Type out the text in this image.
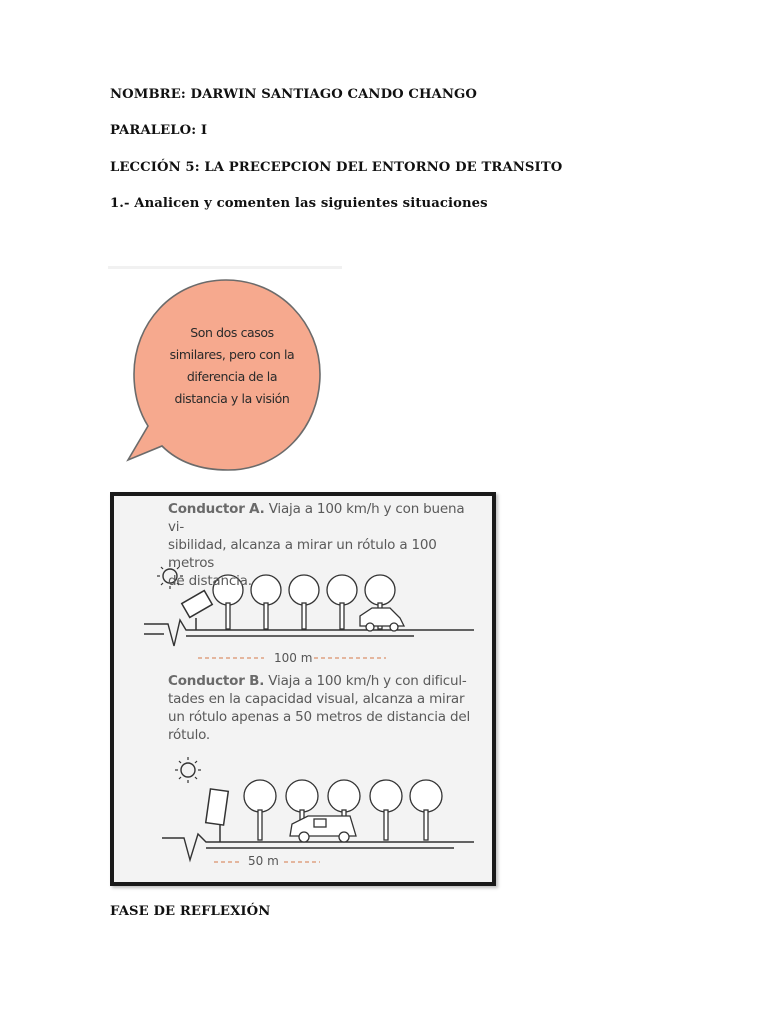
NOMBRE: DARWIN SANTIAGO CANDO CHANGO
PARALELO: I
LECCIÓN 5: LA PRECEPCION DEL ENTORNO DE TRANSITO
1.- Analicen y comenten las siguientes situaciones
Son dos casos
similares, pero con la
diferencia de la
distancia y la visión
Conductor A. Viaja a 100 km/h y con buena vi-
sibilidad, alcanza a mirar un rótulo a 100 metros
de distancia.
100 m
Conductor B. Viaja a 100 km/h y con dificul-
tades en la capacidad visual, alcanza a mirar
un rótulo apenas a 50 metros de distancia del
rótulo.
50 m
FASE DE REFLEXIÓN
